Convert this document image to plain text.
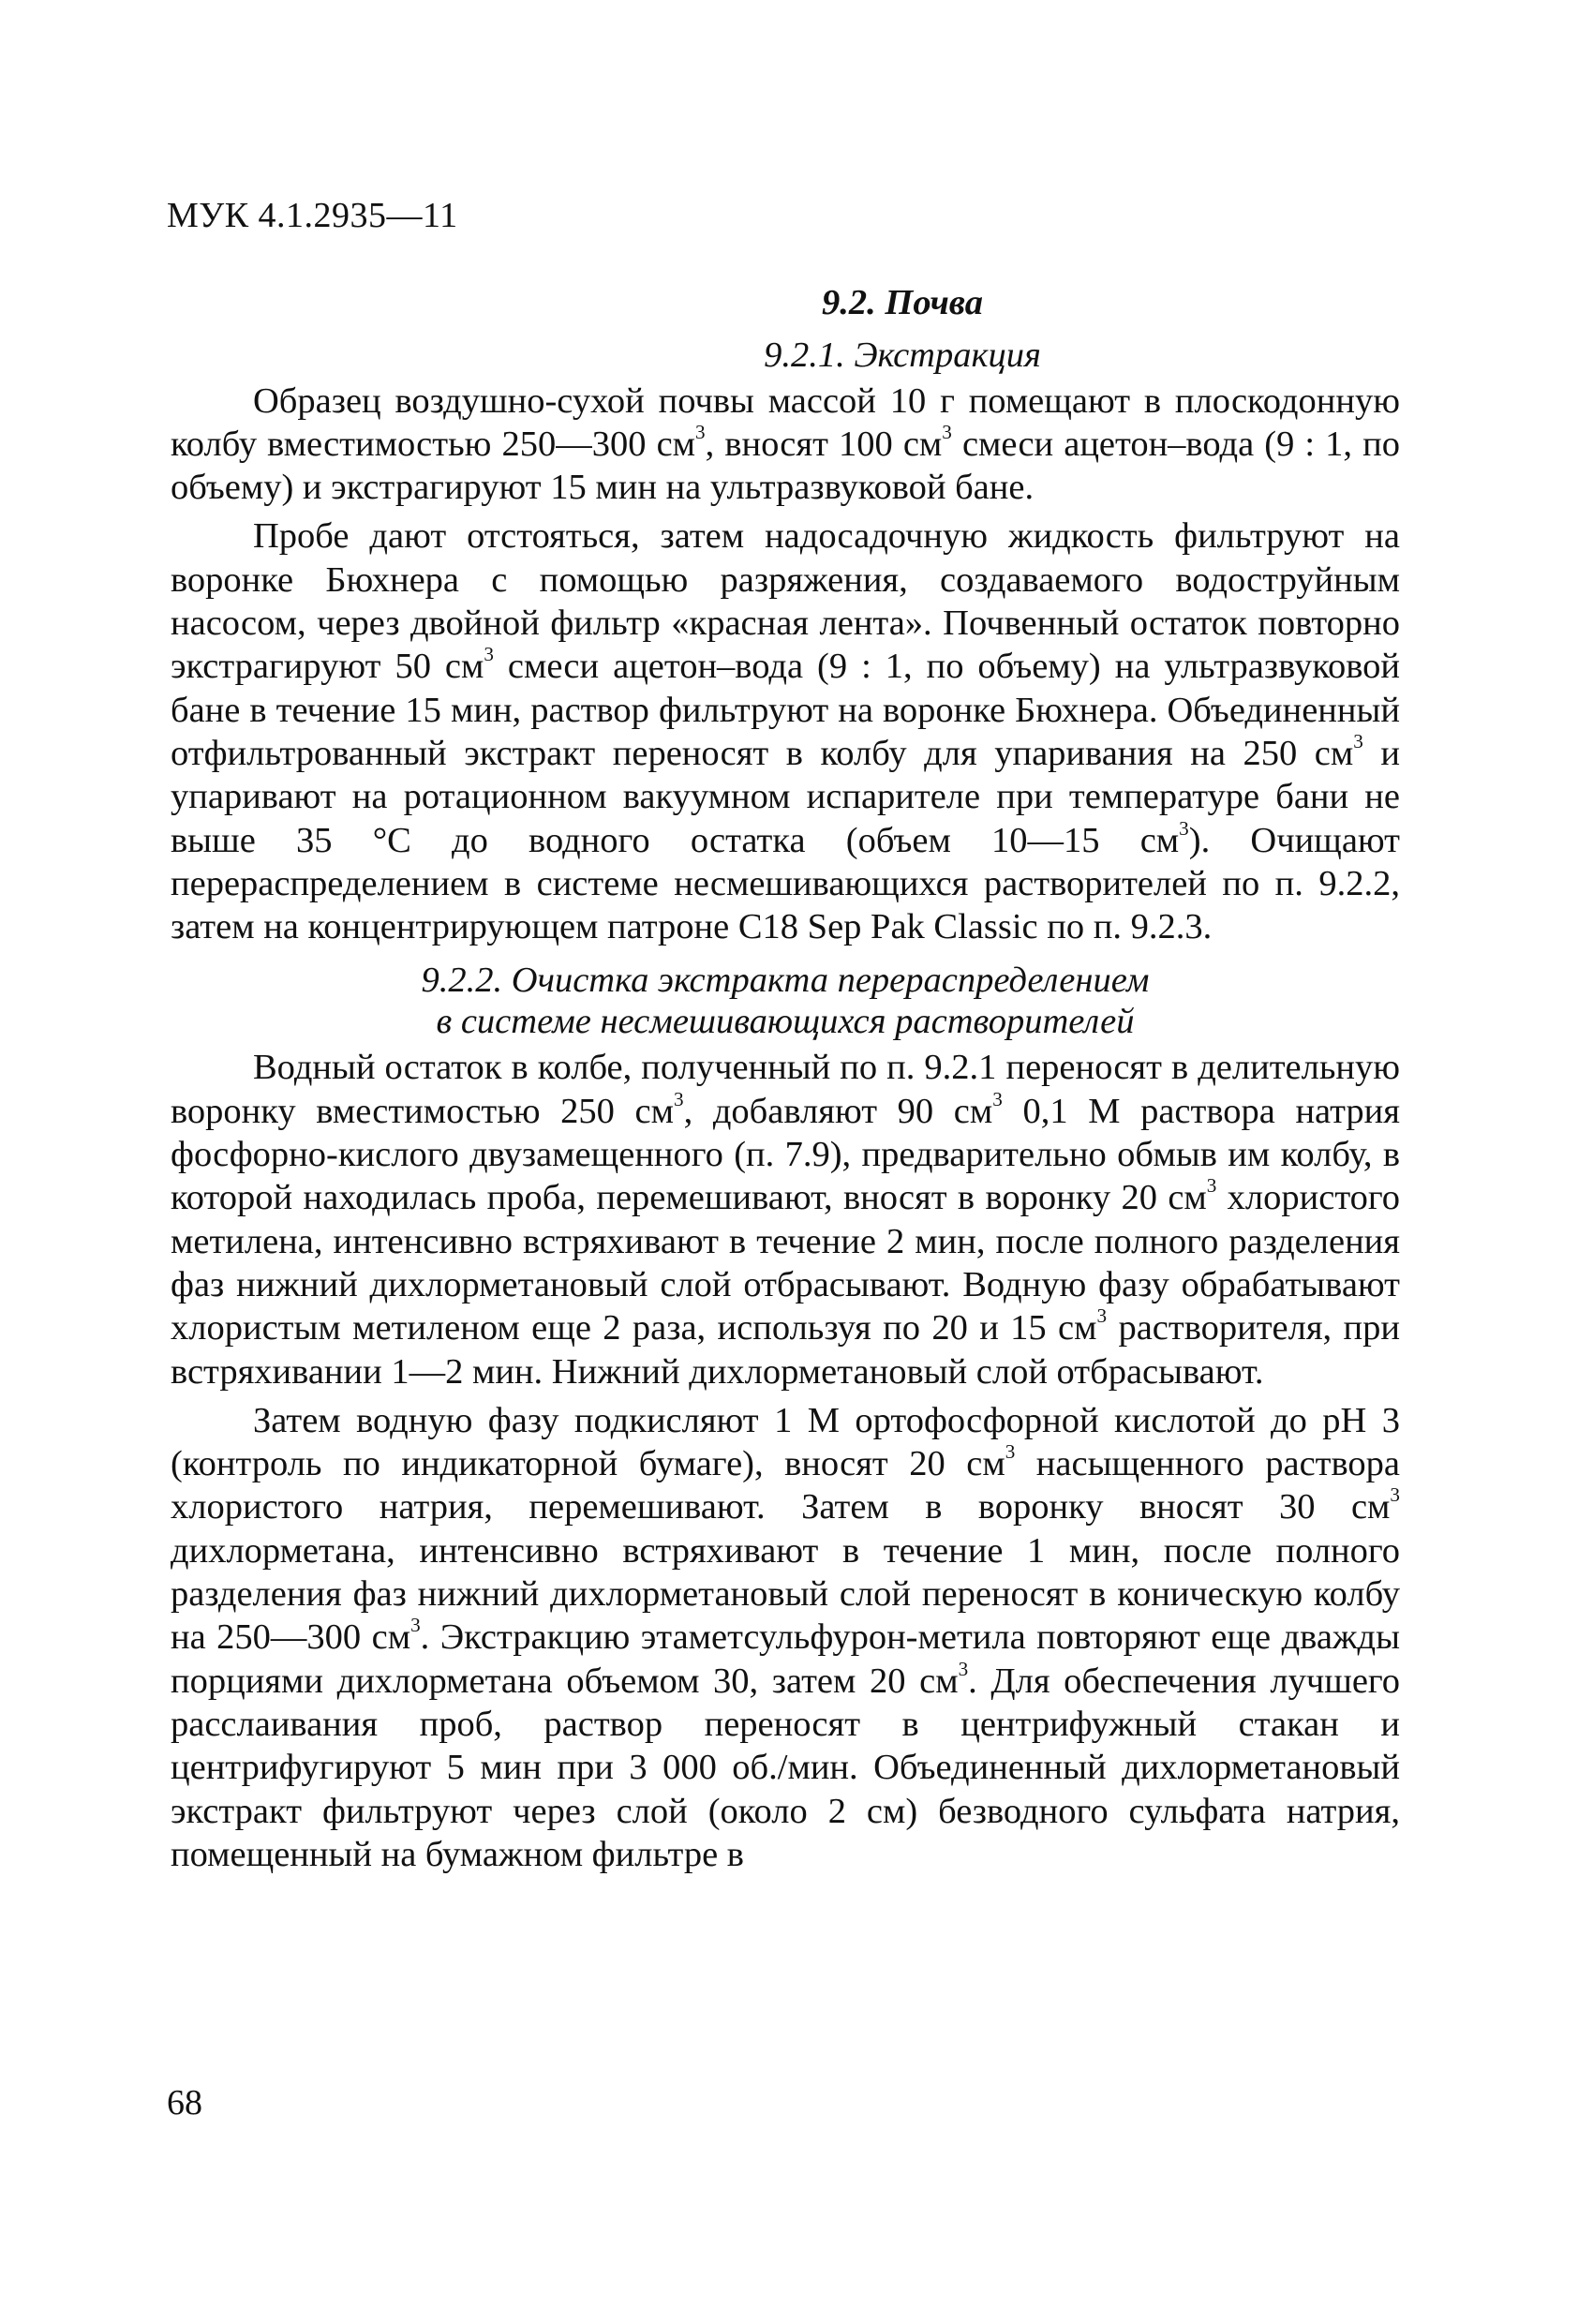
МУК 4.1.2935—11
9.2. Почва
9.2.1. Экстракция

Образец воздушно-сухой почвы массой 10 г помещают в плоскодонную колбу вместимостью 250—300 $см^3$, вносят 100 $см^3$ смеси ацетон–вода (9 : 1, по объему) и экстрагируют 15 мин на ультразвуковой бане.

Пробе дают отстояться, затем надосадочную жидкость фильтруют на воронке Бюхнера с помощью разряжения, создаваемого водоструйным насосом, через двойной фильтр «красная лента». Почвенный остаток повторно экстрагируют 50 $см^3$ смеси ацетон–вода (9 : 1, по объему) на ультразвуковой бане в течение 15 мин, раствор фильтруют на воронке Бюхнера. Объединенный отфильтрованный экстракт переносят в колбу для упаривания на 250 $см^3$ и упаривают на ротационном вакуумном испарителе при температуре бани не выше 35 °С до водного остатка (объем 10—15 $см^3$). Очищают перераспределением в системе несмешивающихся растворителей по п. 9.2.2, затем на концентрирующем патроне C18 Sep Pak Classic по п. 9.2.3.

9.2.2. Очистка экстракта перераспределением
в системе несмешивающихся растворителей

Водный остаток в колбе, полученный по п. 9.2.1 переносят в делительную воронку вместимостью 250 $см^3$, добавляют 90 $см^3$ 0,1 М раствора натрия фосфорно-кислого двузамещенного (п. 7.9), предварительно обмыв им колбу, в которой находилась проба, перемешивают, вносят в воронку 20 $см^3$ хлористого метилена, интенсивно встряхивают в течение 2 мин, после полного разделения фаз нижний дихлорметановый слой отбрасывают. Водную фазу обрабатывают хлористым метиленом еще 2 раза, используя по 20 и 15 $см^3$ растворителя, при встряхивании 1—2 мин. Нижний дихлорметановый слой отбрасывают.

Затем водную фазу подкисляют 1 М ортофосфорной кислотой до рН 3 (контроль по индикаторной бумаге), вносят 20 $см^3$ насыщенного раствора хлористого натрия, перемешивают. Затем в воронку вносят 30 $см^3$ дихлорметана, интенсивно встряхивают в течение 1 мин, после полного разделения фаз нижний дихлорметановый слой переносят в коническую колбу на 250—300 $см^3$. Экстракцию этаметсульфурон-метила повторяют еще дважды порциями дихлорметана объемом 30, затем 20 $см^3$. Для обеспечения лучшего расслаивания проб, раствор переносят в центрифужный стакан и центрифугируют 5 мин при 3 000 об./мин. Объединенный дихлорметановый экстракт фильтруют через слой (около 2 см) безводного сульфата натрия, помещенный на бумажном фильтре в

68
